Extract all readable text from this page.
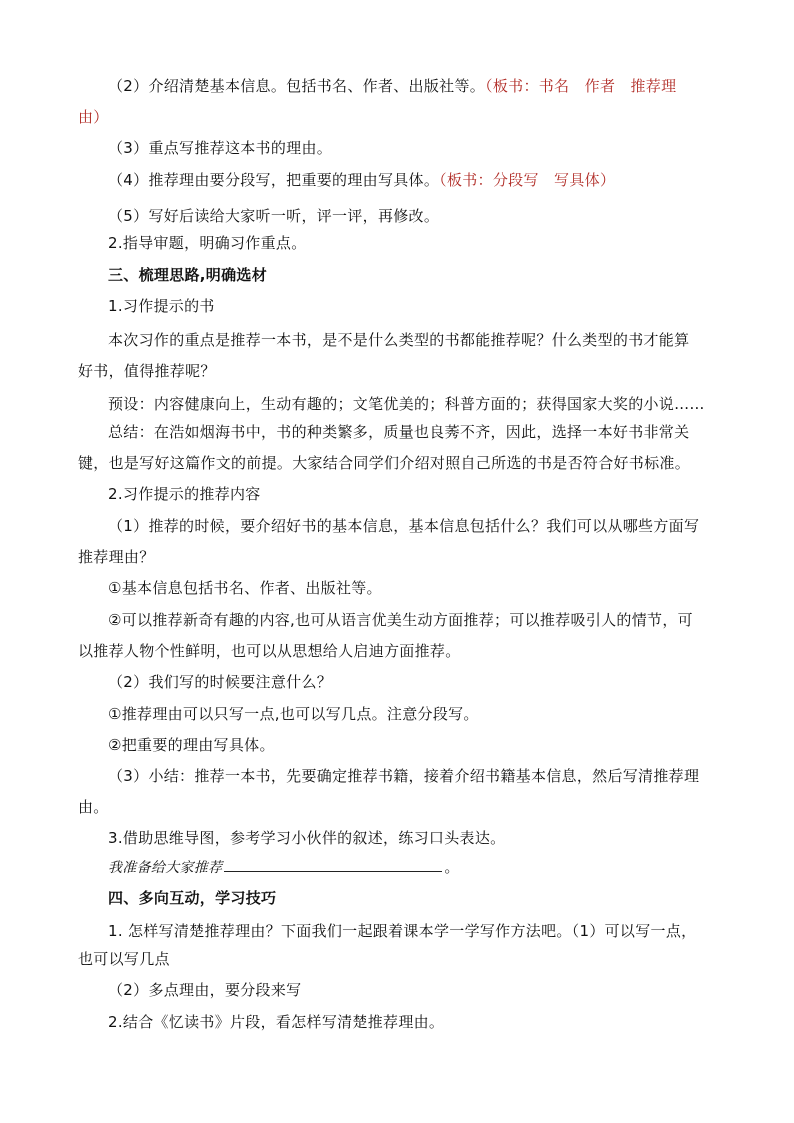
（2）介绍清楚基本信息。包括书名、作者、出版社等。（板书：书名　作者　推荐理
由）
（3）重点写推荐这本书的理由。
（4）推荐理由要分段写，把重要的理由写具体。（板书：分段写　写具体）
（5）写好后读给大家听一听，评一评，再修改。
2.指导审题，明确习作重点。
三、梳理思路,明确选材
1.习作提示的书
本次习作的重点是推荐一本书，是不是什么类型的书都能推荐呢？什么类型的书才能算
好书，值得推荐呢？
预设：内容健康向上，生动有趣的；文笔优美的；科普方面的；获得国家大奖的小说……
总结：在浩如烟海书中，书的种类繁多，质量也良莠不齐，因此，选择一本好书非常关
键，也是写好这篇作文的前提。大家结合同学们介绍对照自己所选的书是否符合好书标准。
2.习作提示的推荐内容
（1）推荐的时候，要介绍好书的基本信息，基本信息包括什么？我们可以从哪些方面写
推荐理由？
①基本信息包括书名、作者、出版社等。
②可以推荐新奇有趣的内容,也可从语言优美生动方面推荐；可以推荐吸引人的情节，可
以推荐人物个性鲜明，也可以从思想给人启迪方面推荐。
（2）我们写的时候要注意什么？
①推荐理由可以只写一点,也可以写几点。注意分段写。
②把重要的理由写具体。
（3）小结：推荐一本书，先要确定推荐书籍，接着介绍书籍基本信息，然后写清推荐理
由。
3.借助思维导图，参考学习小伙伴的叙述，练习口头表达。
我准备给大家推荐	。
四、多向互动，学习技巧
1. 怎样写清楚推荐理由？下面我们一起跟着课本学一学写作方法吧。（1）可以写一点，
也可以写几点
（2）多点理由，要分段来写
2.结合《忆读书》片段，看怎样写清楚推荐理由。
